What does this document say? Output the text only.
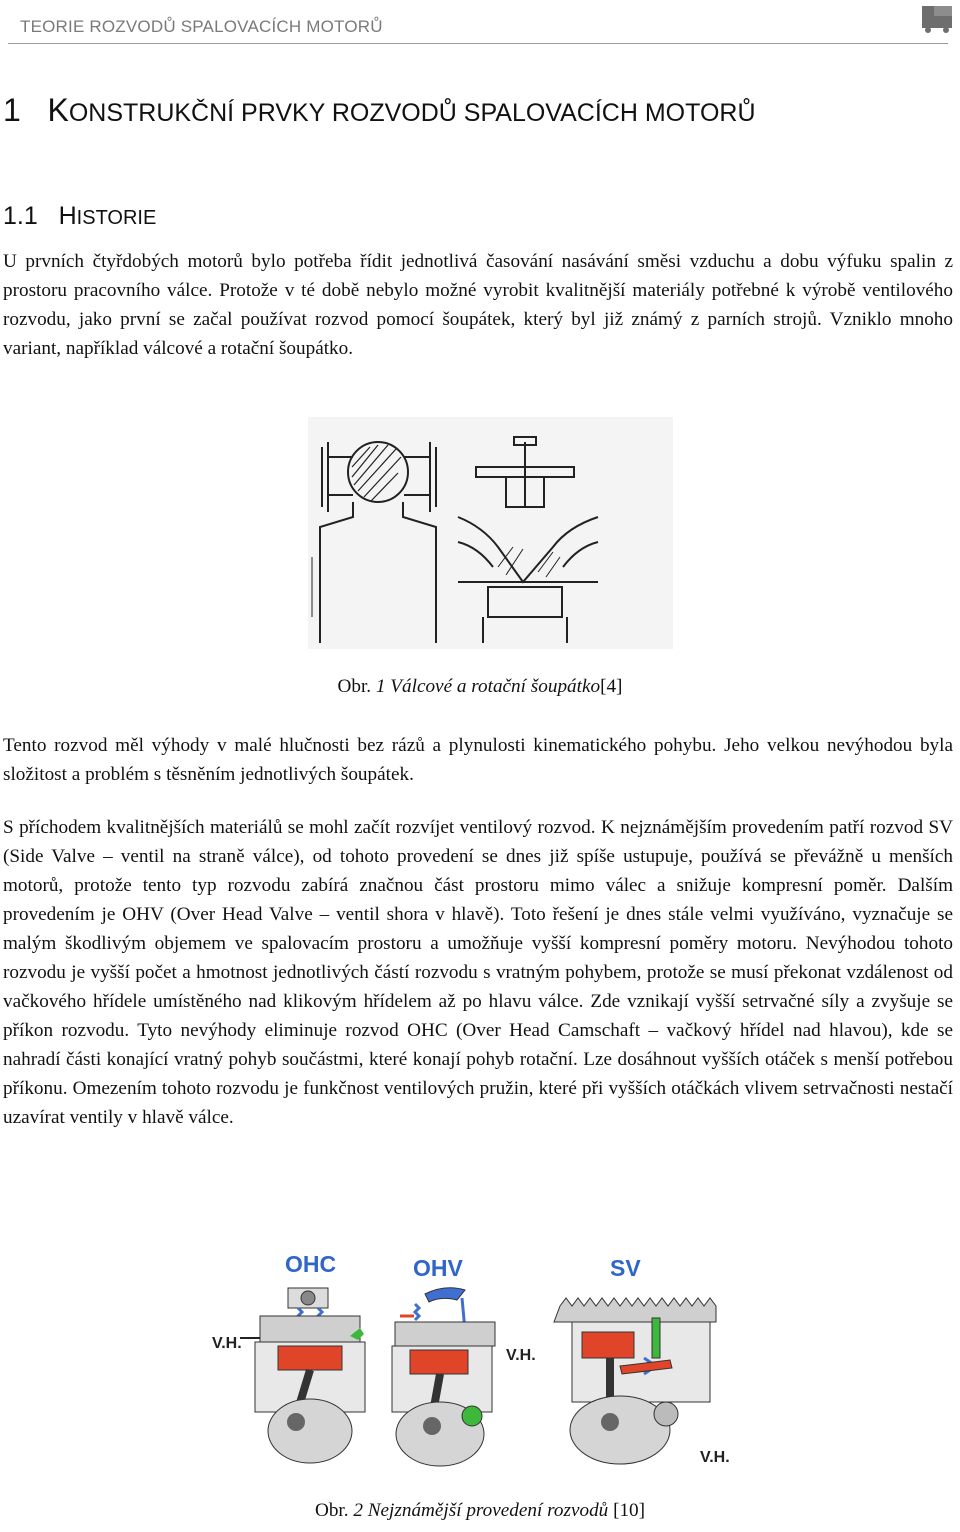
TEORIE ROZVODŮ SPALOVACÍCH MOTORŮ
1 KONSTRUKČNÍ PRVKY ROZVODŮ SPALOVACÍCH MOTORŮ
1.1 HISTORIE

U prvních čtyřdobých motorů bylo potřeba řídit jednotlivá časování nasávání směsi vzduchu a dobu výfuku spalin z prostoru pracovního válce. Protože v té době nebylo možné vyrobit kvalitnější materiály potřebné k výrobě ventilového rozvodu, jako první se začal používat rozvod pomocí šoupátek, který byl již známý z parních strojů. Vzniklo mnoho variant, například válcové a rotační šoupátko.

Obr. 1 Válcové a rotační šoupátko[4]

Tento rozvod měl výhody v malé hlučnosti bez rázů a plynulosti kinematického pohybu. Jeho velkou nevýhodou byla složitost a problém s těsněním jednotlivých šoupátek.

S příchodem kvalitnějších materiálů se mohl začít rozvíjet ventilový rozvod. K nejznámějším provedením patří rozvod SV (Side Valve – ventil na straně válce), od tohoto provedení se dnes již spíše ustupuje, používá se převážně u menších motorů, protože tento typ rozvodu zabírá značnou část prostoru mimo válec a snižuje kompresní poměr. Dalším provedením je OHV (Over Head Valve – ventil shora v hlavě). Toto řešení je dnes stále velmi využíváno, vyznačuje se malým škodlivým objemem ve spalovacím prostoru a umožňuje vyšší kompresní poměry motoru. Nevýhodou tohoto rozvodu je vyšší počet a hmotnost jednotlivých částí rozvodu s vratným pohybem, protože se musí překonat vzdálenost od vačkového hřídele umístěného nad klikovým hřídelem až po hlavu válce. Zde vznikají vyšší setrvačné síly a zvyšuje se příkon rozvodu. Tyto nevýhody eliminuje rozvod OHC (Over Head Camschaft – vačkový hřídel nad hlavou), kde se nahradí části konající vratný pohyb součástmi, které konají pohyb rotační. Lze dosáhnout vyšších otáček s menší potřebou příkonu. Omezením tohoto rozvodu je funkčnost ventilových pružin, které při vyšších otáčkách vlivem setrvačnosti nestačí uzavírat ventily v hlavě válce.

OHC	OHV	SV
V.H.
V.H.
V.H.
Obr. 2 Nejznámější provedení rozvodů [10]
